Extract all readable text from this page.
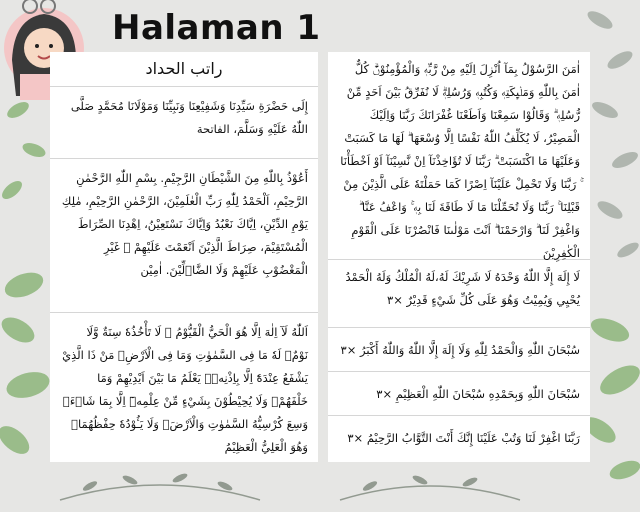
Halaman 1
راتب الحداد
إِلَى حَضْرَةِ سَيِّدِنَا وَشَفِيْعِنَا وَنَبِيِّنَا وَمَوْلَانَا مُحَمَّدٍ صَلَّى اللّٰهُ عَلَيْهِ وَسَلَّمَ، الفاتحة
أَعُوْذُ بِاللّٰهِ مِنَ الشَّيْطَانِ الرَّجِيْمِ. بِسْمِ اللّٰهِ الرَّحْمٰنِ الرَّحِيْمِ، اَلْحَمْدُ لِلّٰهِ رَبِّ الْعٰلَمِيْنَ، الرَّحْمٰنِ الرَّحِيْمِ، مٰلِكِ يَوْمِ الدِّيْنِ، اِيَّاكَ نَعْبُدُ وَاِيَّاكَ نَسْتَعِيْنُ، اِهْدِنَا الصِّرَاطَ الْمُسْتَقِيْمَ، صِرَاطَ الَّذِيْنَ اَنْعَمْتَ عَلَيْهِمْ ۙ غَيْرِ الْمَغْضُوْبِ عَلَيْهِمْ وَلَا الضَّاۤلِّيْنَ. اٰمِيْن
اَللّٰهُ لَآ اِلٰهَ اِلَّا هُوَ الْحَيُّ الْقَيُّوْمُ ۚ لَا تَأْخُذُهٗ سِنَةٌ وَّلَا نَوْمٌۗ لَهٗ مَا فِى السَّمٰوٰتِ وَمَا فِى الْاَرْضِۗ مَنْ ذَا الَّذِيْ يَشْفَعُ عِنْدَهٗٓ اِلَّا بِاِذْنِهٖۗ يَعْلَمُ مَا بَيْنَ اَيْدِيْهِمْ وَمَا خَلْفَهُمْۚ وَلَا يُحِيْطُوْنَ بِشَيْءٍ مِّنْ عِلْمِهٖٓ اِلَّا بِمَا شَاۤءَۚ وَسِعَ كُرْسِيُّهُ السَّمٰوٰتِ وَالْاَرْضَۚ وَلَا يَـُٔوْدُهٗ حِفْظُهُمَاۚ وَهُوَ الْعَلِيُّ الْعَظِيْمُ
اٰمَنَ الرَّسُوْلُ بِمَآ اُنْزِلَ اِلَيْهِ مِنْ رَّبِّهٖ وَالْمُؤْمِنُوْنَۗ كُلٌّ اٰمَنَ بِاللّٰهِ وَمَلٰۤىِٕكَتِهٖ وَكُتُبِهٖ وَرُسُلِهٖۗ لَا نُفَرِّقُ بَيْنَ اَحَدٍ مِّنْ رُّسُلِهٖ ۗ وَقَالُوْا سَمِعْنَا وَاَطَعْنَا غُفْرَانَكَ رَبَّنَا وَاِلَيْكَ الْمَصِيْرُ، لَا يُكَلِّفُ اللّٰهُ نَفْسًا اِلَّا وُسْعَهَا ۗ لَهَا مَا كَسَبَتْ وَعَلَيْهَا مَا اكْتَسَبَتْ ۗ رَبَّنَا لَا تُؤَاخِذْنَآ اِنْ نَّسِيْنَآ اَوْ اَخْطَأْنَا ۚ رَبَّنَا وَلَا تَحْمِلْ عَلَيْنَآ اِصْرًا كَمَا حَمَلْتَهٗ عَلَى الَّذِيْنَ مِنْ قَبْلِنَا ۚ رَبَّنَا وَلَا تُحَمِّلْنَا مَا لَا طَاقَةَ لَنَا بِهٖ ۚ وَاعْفُ عَنَّا ۗ وَاغْفِرْ لَنَا ۗ وَارْحَمْنَا ۗ اَنْتَ مَوْلٰىنَا فَانْصُرْنَا عَلَى الْقَوْمِ الْكٰفِرِيْنَ
لَا إِلَهَ إِلَّا اللّٰهُ وَحْدَهُ لَا شَرِيْكَ لَهُ،لَهُ الْمُلْكُ وَلَهُ الْحَمْدُ يُحْيِي وَيُمِيْتُ وَهُوَ عَلَى كُلِّ شَيْءٍ قَدِيْرٌ ×٣
سُبْحَانَ اللّٰهِ وَالْحَمْدُ لِلّٰهِ وَلَا إِلَهَ إِلَّا اللّٰهُ وَاللّٰهُ أَكْبَرُ ×٣
سُبْحَانَ اللّٰهِ وَبِحَمْدِهِ سُبْحَانَ اللّٰهِ الْعَظِيْمِ ×٣
رَبَّنَا اغْفِرْ لَنَا وَتُبْ عَلَيْنَا إِنَّكَ أَنْتَ التَّوَّابُ الرَّحِيْمُ ×٣
